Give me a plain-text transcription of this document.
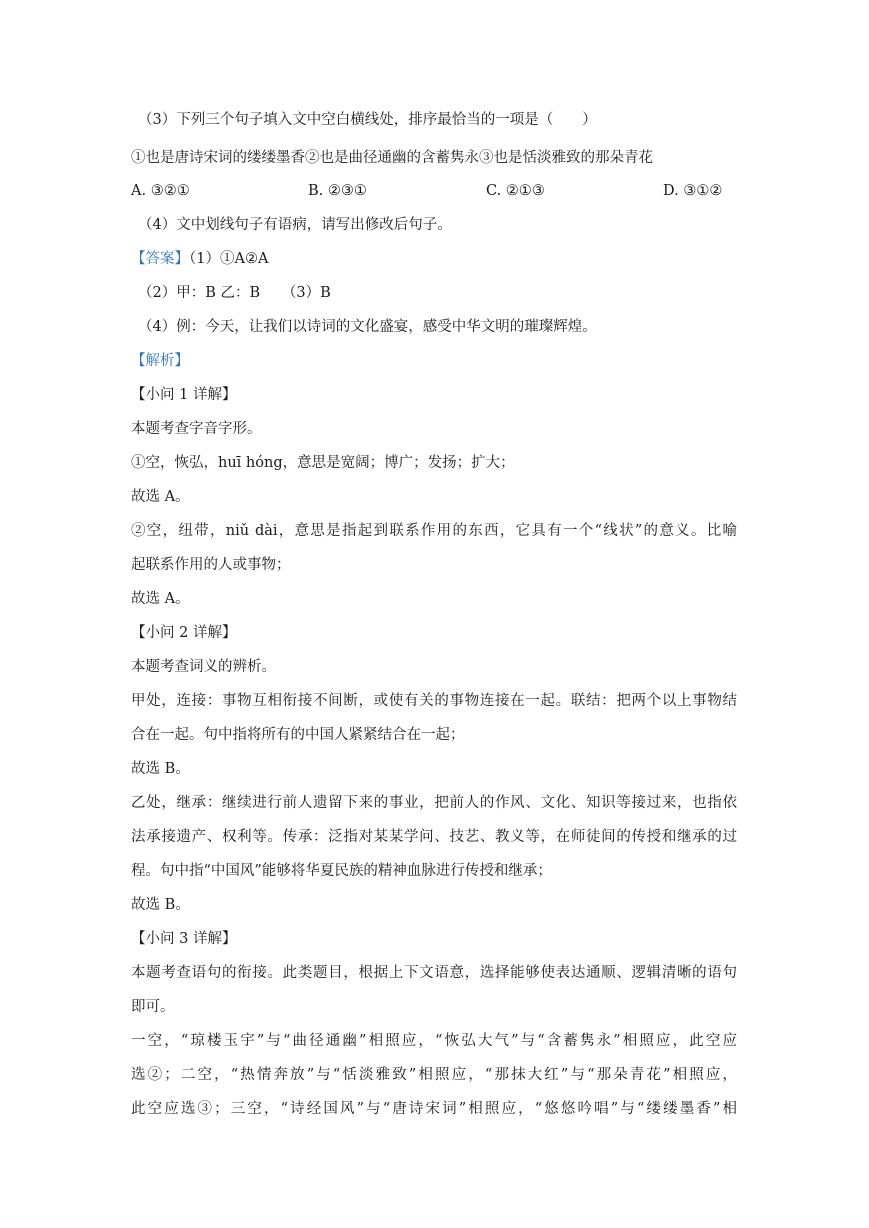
（3）下列三个句子填入文中空白横线处，排序最恰当的一项是（　　）
①也是唐诗宋词的缕缕墨香②也是曲径通幽的含蓄隽永③也是恬淡雅致的那朵青花
A. ③②①	B. ②③①	C. ②①③	D. ③①②
（4）文中划线句子有语病，请写出修改后句子。
【答案】（1）①A②A
（2）甲：B 乙：B　　（3）B
（4）例：今天，让我们以诗词的文化盛宴，感受中华文明的璀璨辉煌。
【解析】
【小问 1 详解】
本题考查字音字形。
①空，恢弘，huī hóng，意思是宽阔；博广；发扬；扩大；
故选 A。
②空，纽带，niǔ dài，意思是指起到联系作用的东西，它具有一个“线状”的意义。比喻
起联系作用的人或事物；
故选 A。
【小问 2 详解】
本题考查词义的辨析。
甲处，连接：事物互相衔接不间断，或使有关的事物连接在一起。联结：把两个以上事物结
合在一起。句中指将所有的中国人紧紧结合在一起；
故选 B。
乙处，继承：继续进行前人遗留下来的事业，把前人的作风、文化、知识等接过来，也指依
法承接遗产、权利等。传承：泛指对某某学问、技艺、教义等，在师徒间的传授和继承的过
程。句中指“中国风”能够将华夏民族的精神血脉进行传授和继承；
故选 B。
【小问 3 详解】
本题考查语句的衔接。此类题目，根据上下文语意，选择能够使表达通顺、逻辑清晰的语句
即可。
一空，“琼楼玉宇”与“曲径通幽”相照应，“恢弘大气”与“含蓄隽永”相照应，此空应
选②；二空，“热情奔放”与“恬淡雅致”相照应，“那抹大红”与“那朵青花”相照应，
此空应选③；三空，“诗经国风”与“唐诗宋词”相照应，“悠悠吟唱”与“缕缕墨香”相
